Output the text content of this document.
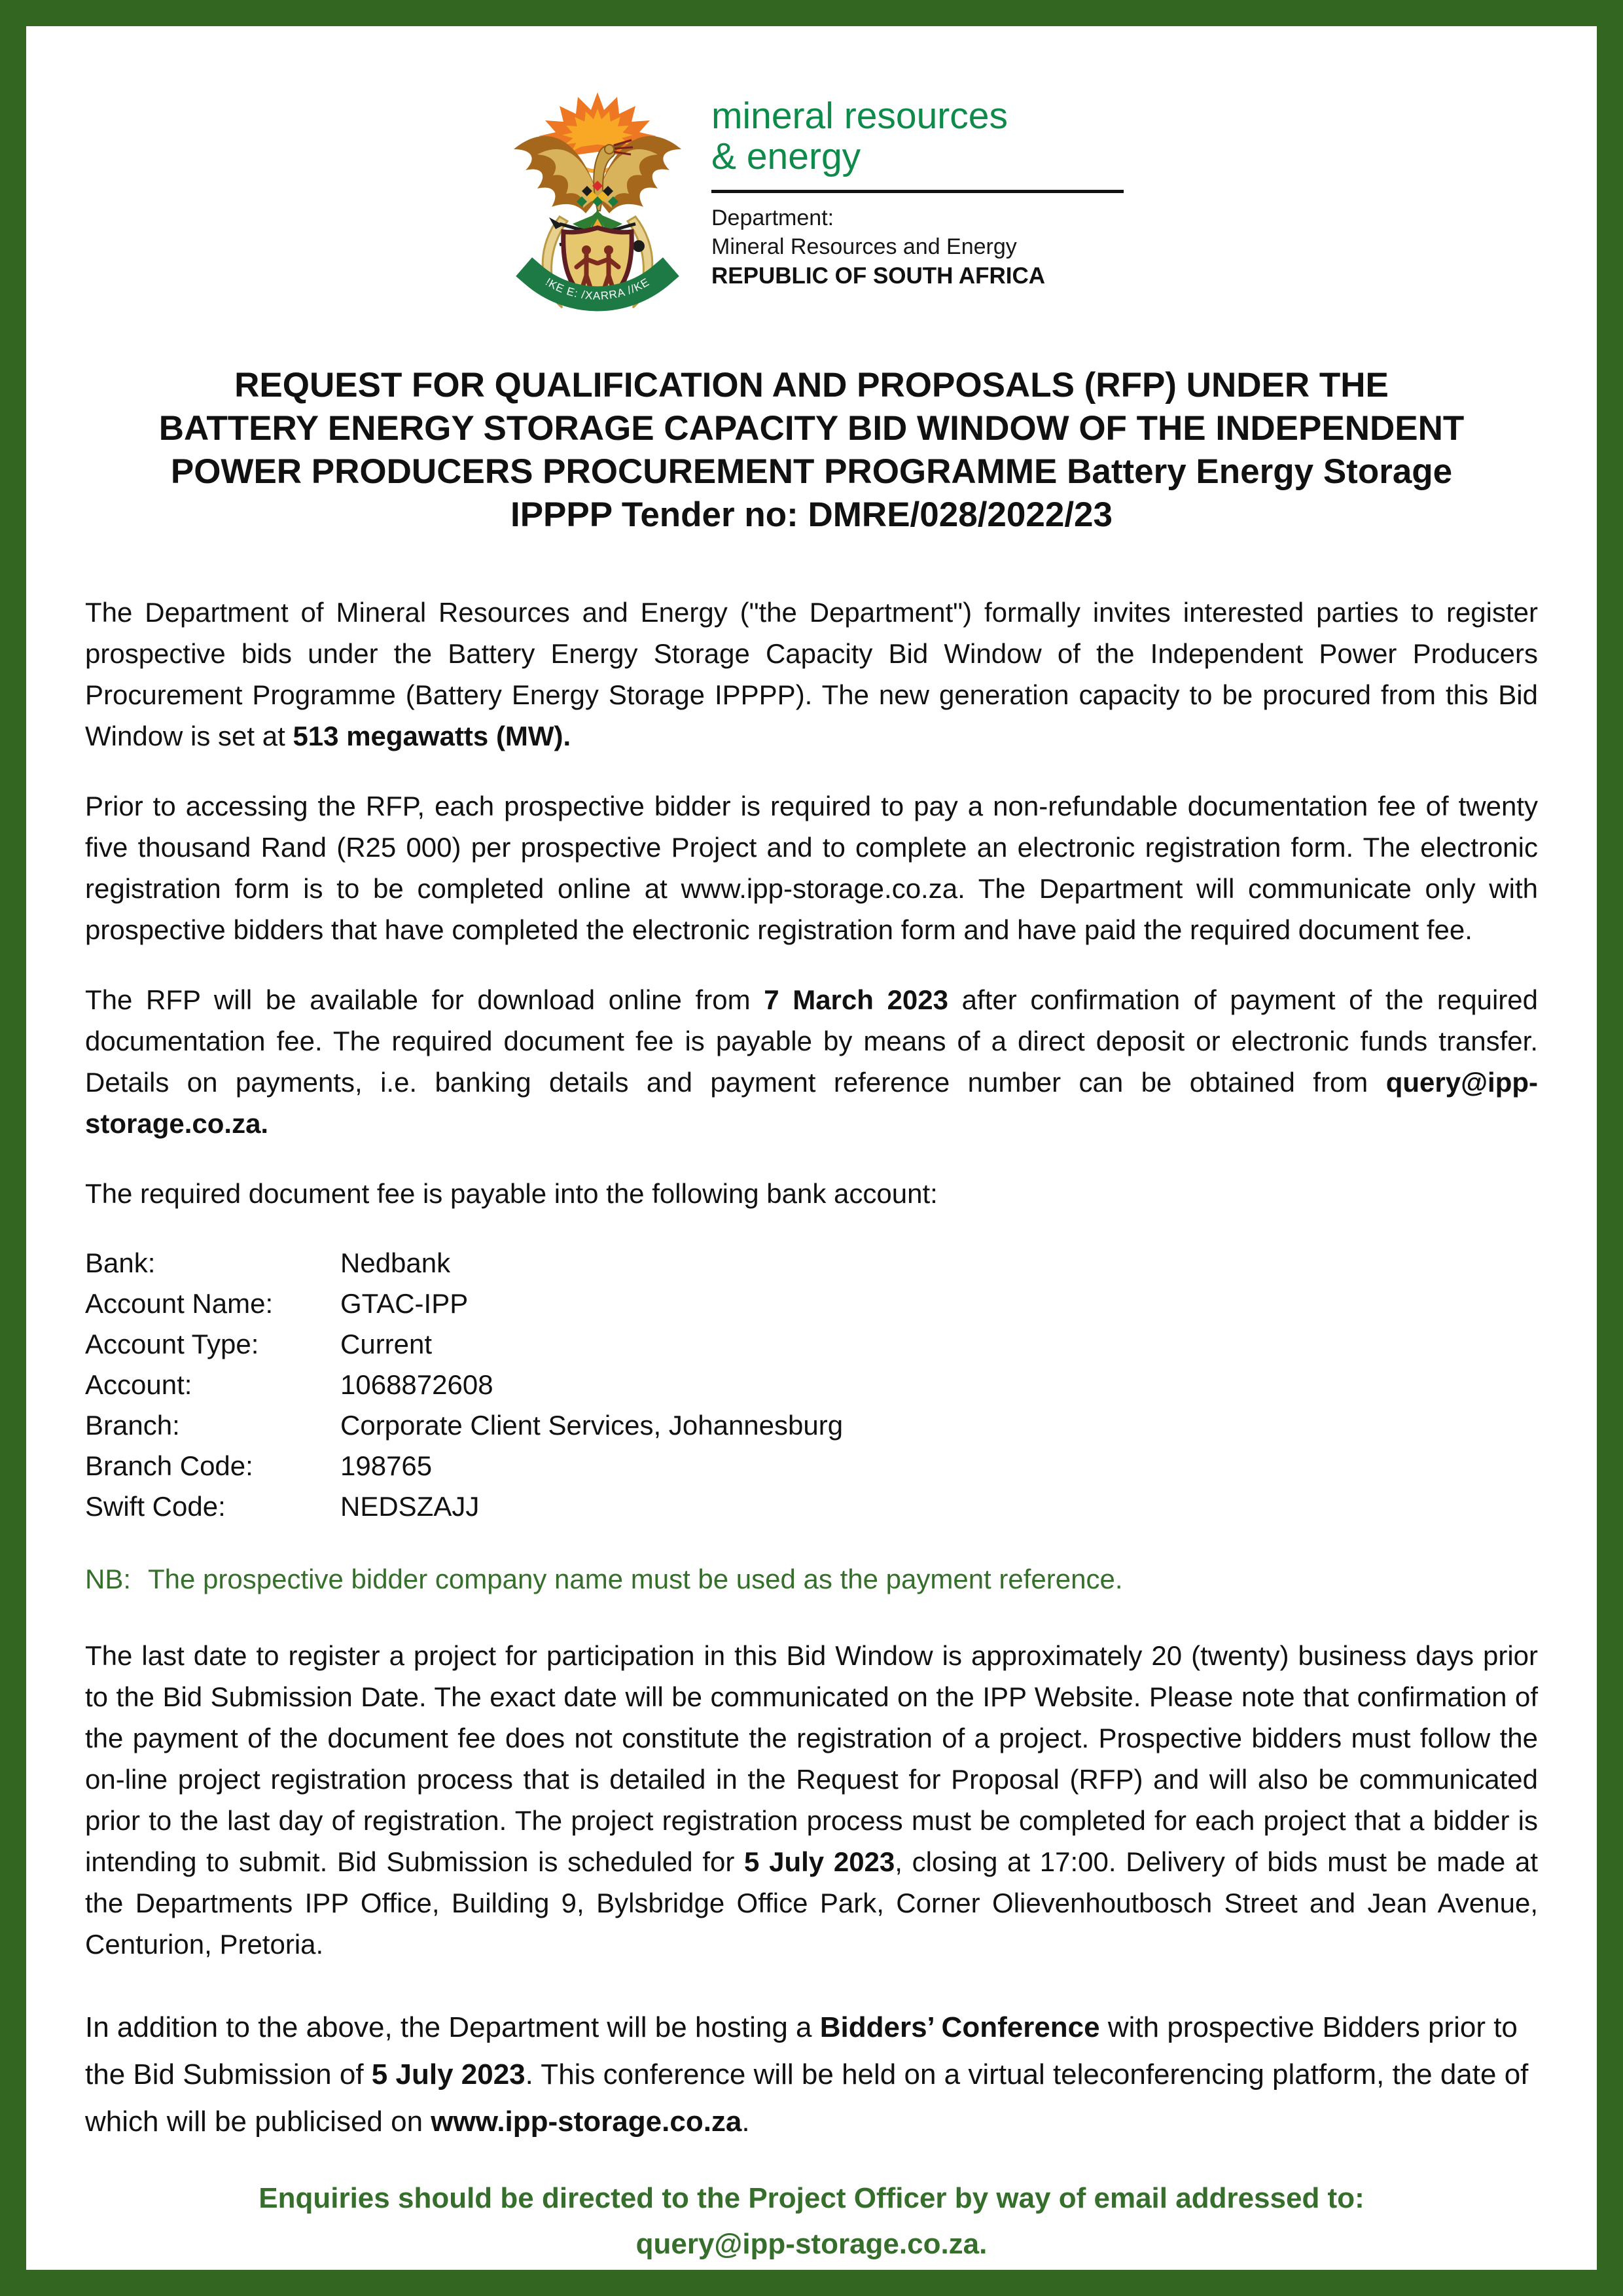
!KE E: /XARRA //KE
mineral resources
& energy
Department:
Mineral Resources and Energy
REPUBLIC OF SOUTH AFRICA
REQUEST FOR QUALIFICATION AND PROPOSALS (RFP) UNDER THE
BATTERY ENERGY STORAGE CAPACITY BID WINDOW OF THE INDEPENDENT
POWER PRODUCERS PROCUREMENT PROGRAMME Battery Energy Storage
IPPPP Tender no: DMRE/028/2022/23

The Department of Mineral Resources and Energy ("the Department") formally invites interested parties to register prospective bids under the Battery Energy Storage Capacity Bid Window of the Independent Power Producers Procurement Programme (Battery Energy Storage IPPPP). The new generation capacity to be procured from this Bid Window is set at 513 megawatts (MW).

Prior to accessing the RFP, each prospective bidder is required to pay a non-refundable documentation fee of twenty five thousand Rand (R25 000) per prospective Project and to complete an electronic registration form. The electronic registration form is to be completed online at www.ipp-storage.co.za. The Department will communicate only with prospective bidders that have completed the electronic registration form and have paid the required document fee.

The RFP will be available for download online from 7 March 2023 after confirmation of payment of the required documentation fee. The required document fee is payable by means of a direct deposit or electronic funds transfer. Details on payments, i.e. banking details and payment reference number can be obtained from query@ipp-storage.co.za.

The required document fee is payable into the following bank account:

Bank:	Nedbank
Account Name:	GTAC-IPP
Account Type:	Current
Account:	1068872608
Branch:	Corporate Client Services, Johannesburg
Branch Code:	198765
Swift Code:	NEDSZAJJ

NB: The prospective bidder company name must be used as the payment reference.

The last date to register a project for participation in this Bid Window is approximately 20 (twenty) business days prior to the Bid Submission Date. The exact date will be communicated on the IPP Website. Please note that confirmation of the payment of the document fee does not constitute the registration of a project. Prospective bidders must follow the on-line project registration process that is detailed in the Request for Proposal (RFP) and will also be communicated prior to the last day of registration. The project registration process must be completed for each project that a bidder is intending to submit. Bid Submission is scheduled for 5 July 2023, closing at 17:00. Delivery of bids must be made at the Departments IPP Office, Building 9, Bylsbridge Office Park, Corner Olievenhoutbosch Street and Jean Avenue, Centurion, Pretoria.

In addition to the above, the Department will be hosting a Bidders’ Conference with prospective Bidders prior to the Bid Submission of 5 July 2023. This conference will be held on a virtual teleconferencing platform, the date of which will be publicised on www.ipp-storage.co.za.

Enquiries should be directed to the Project Officer by way of email addressed to:
query@ipp-storage.co.za.
